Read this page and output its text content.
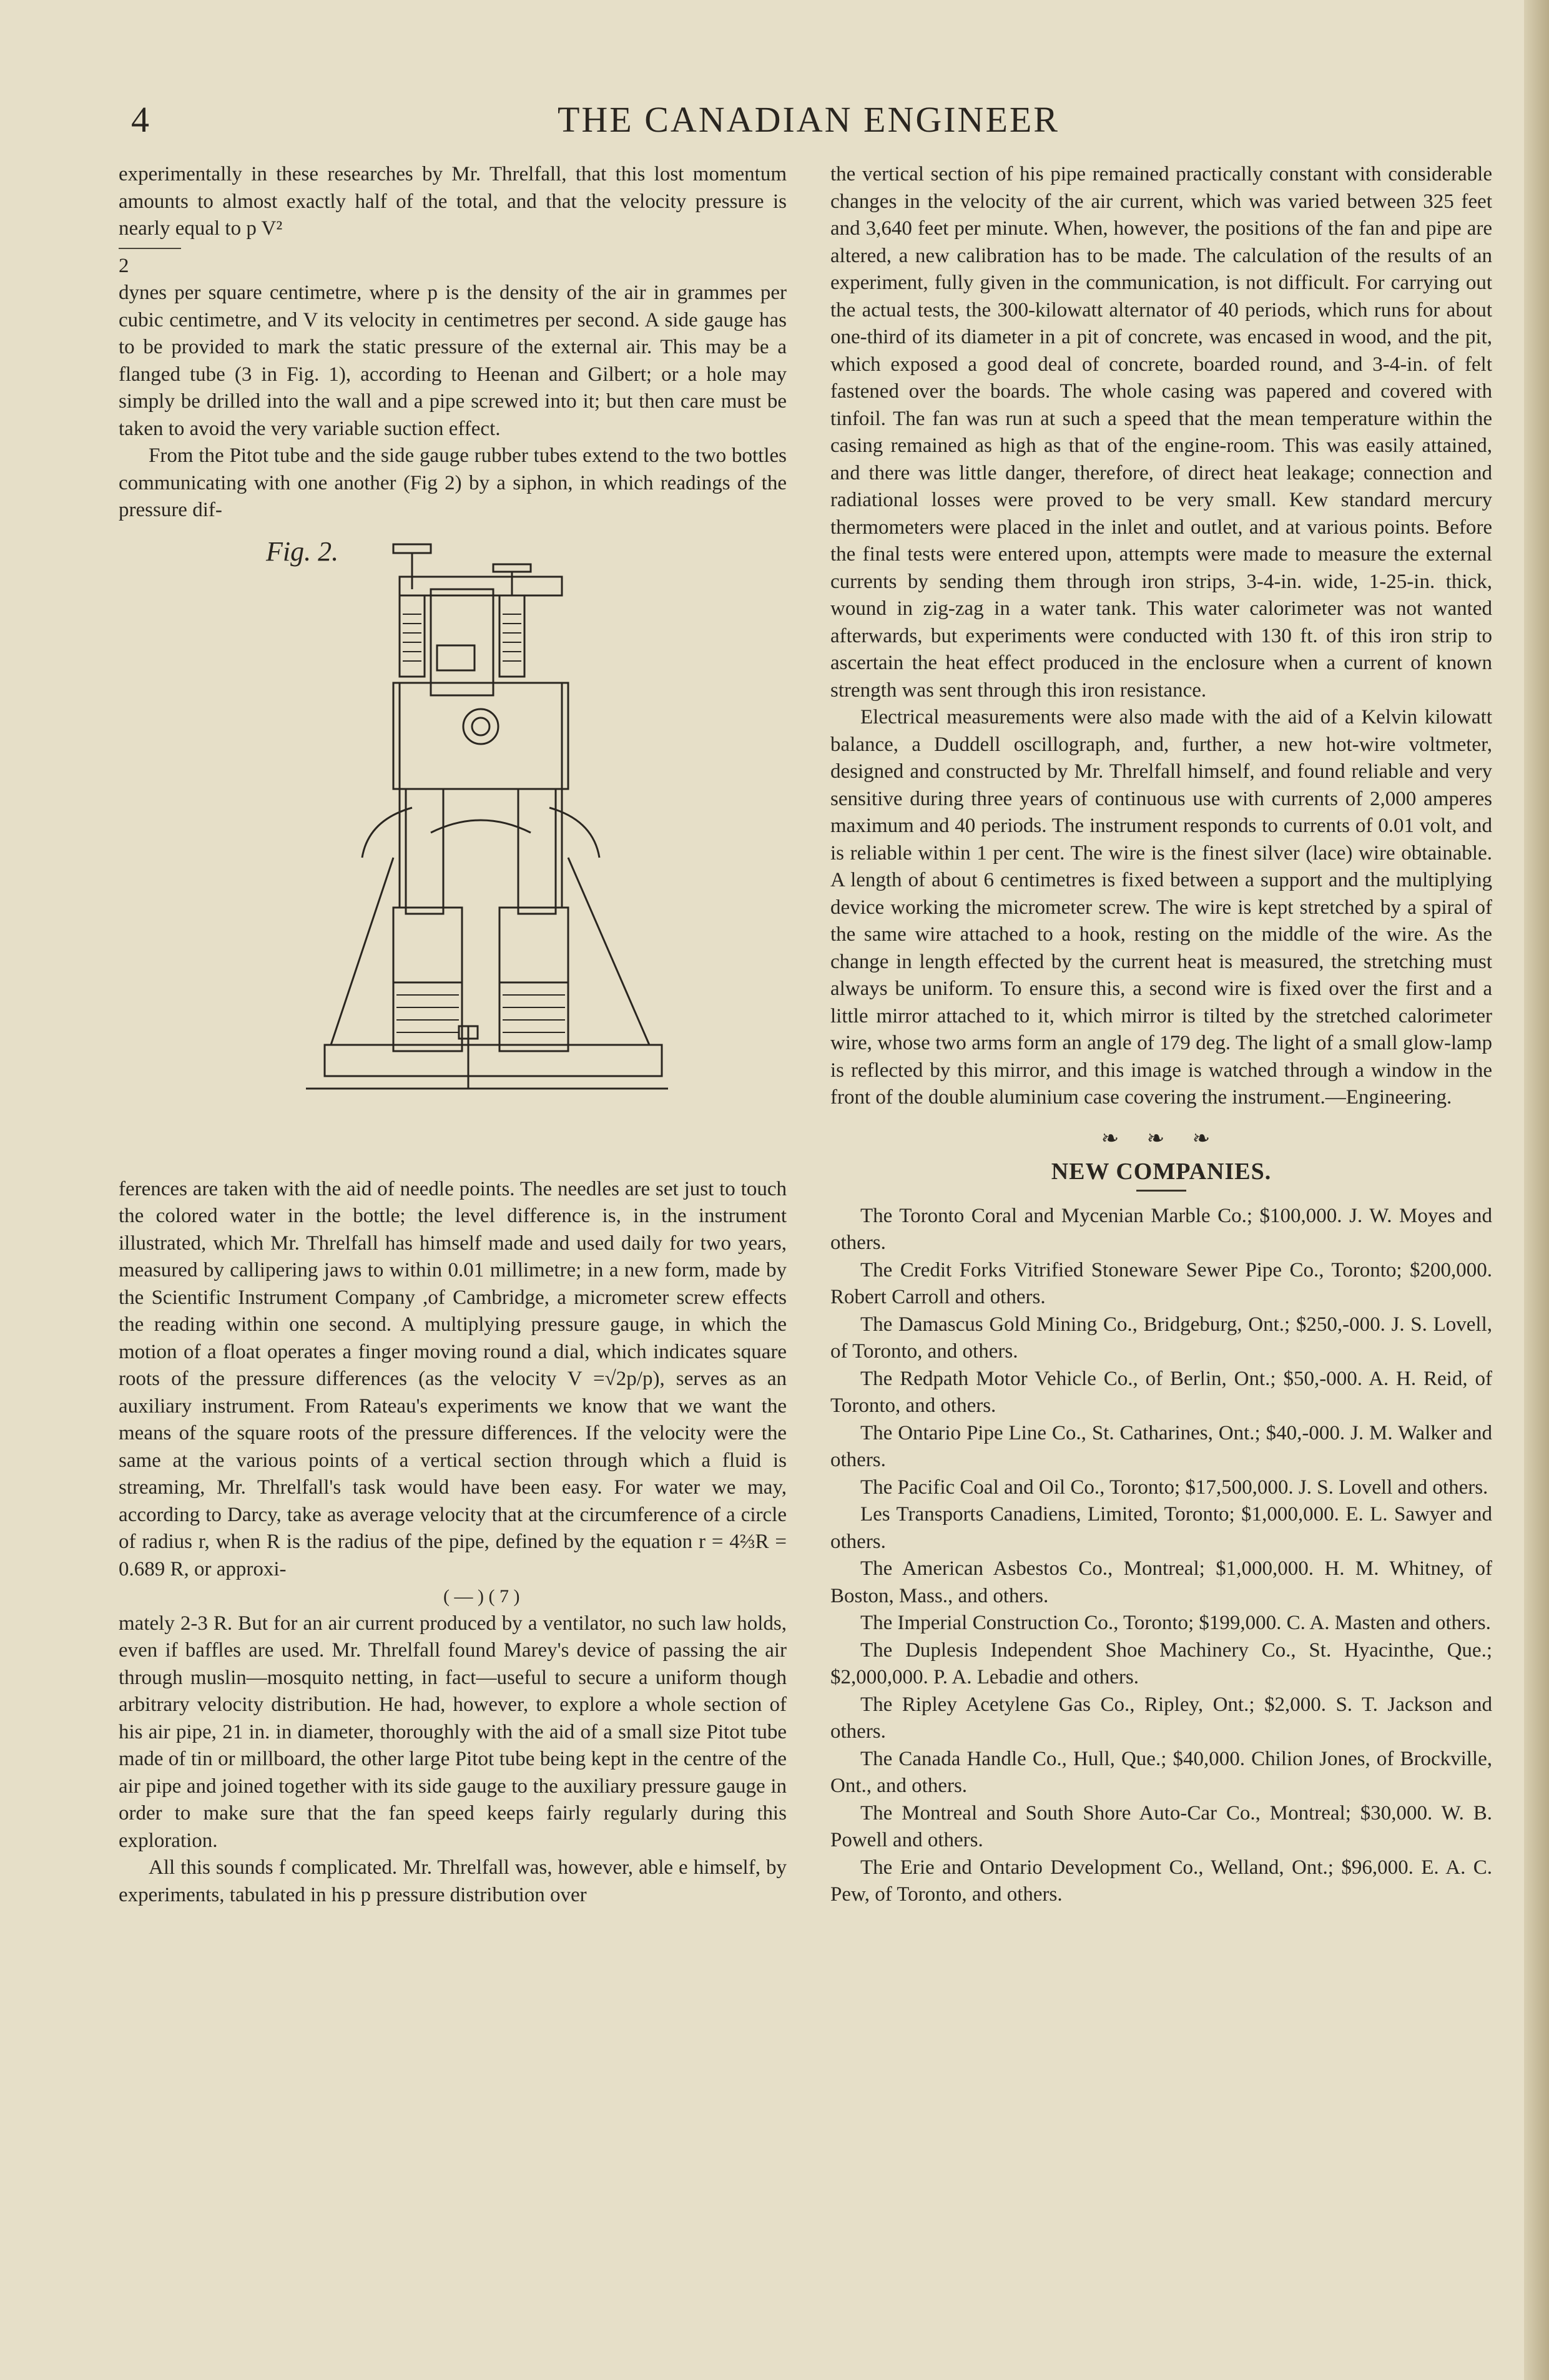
4	THE CANADIAN ENGINEER

experimentally in these researches by Mr. Threlfall, that this lost momentum amounts to almost exactly half of the total, and that the velocity pressure is nearly equal to p V²

2

dynes per square centimetre, where p is the density of the air in grammes per cubic centimetre, and V its velocity in centimetres per second. A side gauge has to be provided to mark the static pressure of the external air. This may be a flanged tube (3 in Fig. 1), according to Heenan and Gilbert; or a hole may simply be drilled into the wall and a pipe screwed into it; but then care must be taken to avoid the very variable suction effect.

From the Pitot tube and the side gauge rubber tubes extend to the two bottles communicating with one another (Fig 2) by a siphon, in which readings of the pressure dif-

Fig. 2.

ferences are taken with the aid of needle points. The needles are set just to touch the colored water in the bottle; the level difference is, in the instrument illustrated, which Mr. Threlfall has himself made and used daily for two years, measured by callipering jaws to within 0.01 millimetre; in a new form, made by the Scientific Instrument Company ,of Cambridge, a micrometer screw effects the reading within one second. A multiplying pressure gauge, in which the motion of a float operates a finger moving round a dial, which indicates square roots of the pressure differences (as the velocity V =√2p/p), serves as an auxiliary instrument. From Rateau's experiments we know that we want the means of the square roots of the pressure differences. If the velocity were the same at the various points of a vertical section through which a fluid is streaming, Mr. Threlfall's task would have been easy. For water we may, according to Darcy, take as average velocity that at the circumference of a circle of radius r, when R is the radius of the pipe, defined by the equation r = 4⅔R = 0.689 R, or approxi-

( — ) ( 7 )

mately 2-3 R. But for an air current produced by a ventilator, no such law holds, even if baffles are used. Mr. Threlfall found Marey's device of passing the air through muslin—mosquito netting, in fact—useful to secure a uniform though arbitrary velocity distribution. He had, however, to explore a whole section of his air pipe, 21 in. in diameter, thoroughly with the aid of a small size Pitot tube made of tin or millboard, the other large Pitot tube being kept in the centre of the air pipe and joined together with its side gauge to the auxiliary pressure gauge in order to make sure that the fan speed keeps fairly regularly during this exploration.

All this sounds f complicated. Mr. Threlfall was, however, able e himself, by experiments, tabulated in his p pressure distribution over

the vertical section of his pipe remained practically constant with considerable changes in the velocity of the air current, which was varied between 325 feet and 3,640 feet per minute. When, however, the positions of the fan and pipe are altered, a new calibration has to be made. The calculation of the results of an experiment, fully given in the communication, is not difficult. For carrying out the actual tests, the 300-kilowatt alternator of 40 periods, which runs for about one-third of its diameter in a pit of concrete, was encased in wood, and the pit, which exposed a good deal of concrete, boarded round, and 3-4-in. of felt fastened over the boards. The whole casing was papered and covered with tinfoil. The fan was run at such a speed that the mean temperature within the casing remained as high as that of the engine-room. This was easily attained, and there was little danger, therefore, of direct heat leakage; connection and radiational losses were proved to be very small. Kew standard mercury thermometers were placed in the inlet and outlet, and at various points. Before the final tests were entered upon, attempts were made to measure the external currents by sending them through iron strips, 3-4-in. wide, 1-25-in. thick, wound in zig-zag in a water tank. This water calorimeter was not wanted afterwards, but experiments were conducted with 130 ft. of this iron strip to ascertain the heat effect produced in the enclosure when a current of known strength was sent through this iron resistance.

Electrical measurements were also made with the aid of a Kelvin kilowatt balance, a Duddell oscillograph, and, further, a new hot-wire voltmeter, designed and constructed by Mr. Threlfall himself, and found reliable and very sensitive during three years of continuous use with currents of 2,000 amperes maximum and 40 periods. The instrument responds to currents of 0.01 volt, and is reliable within 1 per cent. The wire is the finest silver (lace) wire obtainable. A length of about 6 centimetres is fixed between a support and the multiplying device working the micrometer screw. The wire is kept stretched by a spiral of the same wire attached to a hook, resting on the middle of the wire. As the change in length effected by the current heat is measured, the stretching must always be uniform. To ensure this, a second wire is fixed over the first and a little mirror attached to it, which mirror is tilted by the stretched calorimeter wire, whose two arms form an angle of 179 deg. The light of a small glow-lamp is reflected by this mirror, and this image is watched through a window in the front of the double aluminium case covering the instrument.—Engineering.

❧ ❧ ❧
NEW COMPANIES.

The Toronto Coral and Mycenian Marble Co.; $100,000. J. W. Moyes and others.

The Credit Forks Vitrified Stoneware Sewer Pipe Co., Toronto; $200,000. Robert Carroll and others.

The Damascus Gold Mining Co., Bridgeburg, Ont.; $250,-000. J. S. Lovell, of Toronto, and others.

The Redpath Motor Vehicle Co., of Berlin, Ont.; $50,-000. A. H. Reid, of Toronto, and others.

The Ontario Pipe Line Co., St. Catharines, Ont.; $40,-000. J. M. Walker and others.

The Pacific Coal and Oil Co., Toronto; $17,500,000. J. S. Lovell and others.

Les Transports Canadiens, Limited, Toronto; $1,000,000. E. L. Sawyer and others.

The American Asbestos Co., Montreal; $1,000,000. H. M. Whitney, of Boston, Mass., and others.

The Imperial Construction Co., Toronto; $199,000. C. A. Masten and others.

The Duplesis Independent Shoe Machinery Co., St. Hyacinthe, Que.; $2,000,000. P. A. Lebadie and others.

The Ripley Acetylene Gas Co., Ripley, Ont.; $2,000. S. T. Jackson and others.

The Canada Handle Co., Hull, Que.; $40,000. Chilion Jones, of Brockville, Ont., and others.

The Montreal and South Shore Auto-Car Co., Montreal; $30,000. W. B. Powell and others.

The Erie and Ontario Development Co., Welland, Ont.; $96,000. E. A. C. Pew, of Toronto, and others.
